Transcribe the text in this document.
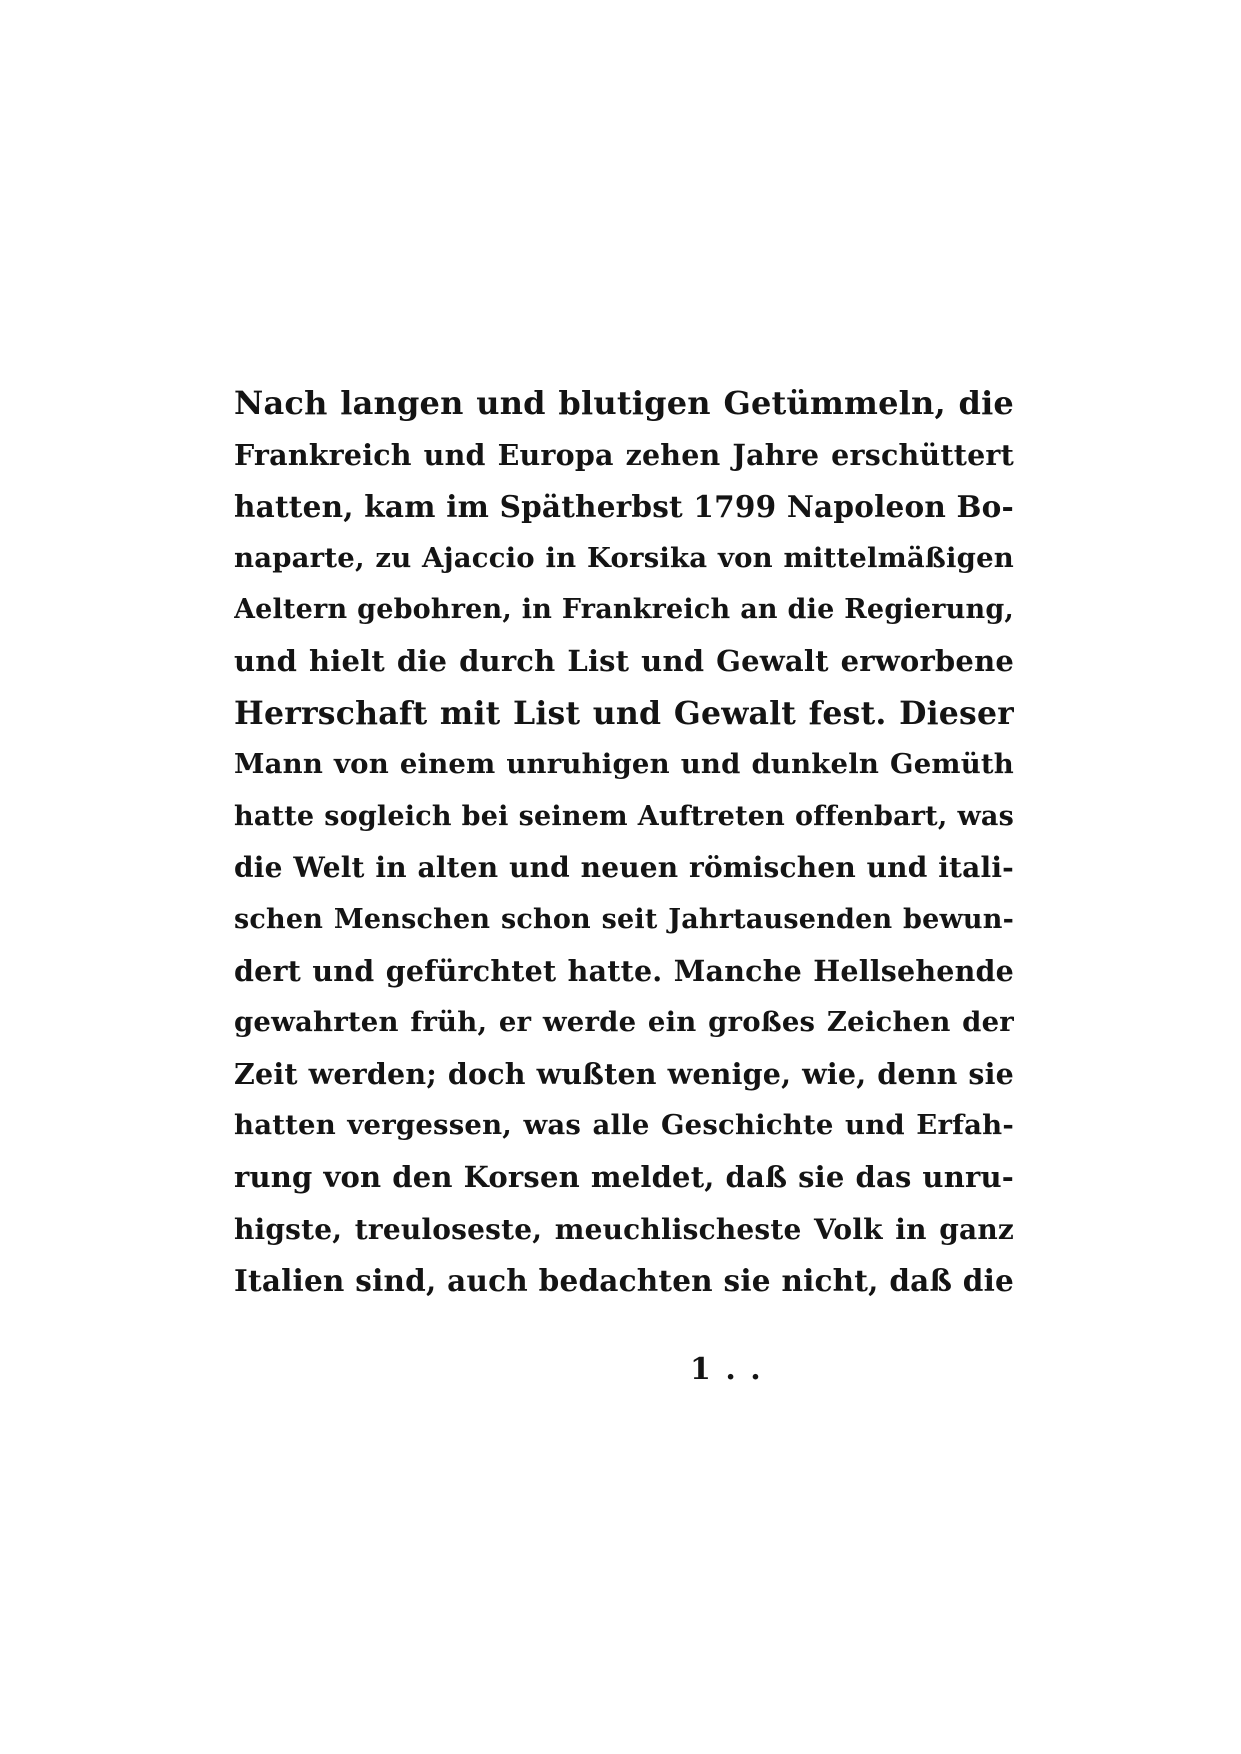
Nach langen und blutigen Getümmeln, die
Frankreich und Europa zehen Jahre erschüttert
hatten, kam im Spätherbst 1799 Napoleon Bo-
naparte, zu Ajaccio in Korsika von mittelmäßigen
Aeltern gebohren, in Frankreich an die Regierung,
und hielt die durch List und Gewalt erworbene
Herrschaft mit List und Gewalt fest. Dieser
Mann von einem unruhigen und dunkeln Gemüth
hatte sogleich bei seinem Auftreten offenbart, was
die Welt in alten und neuen römischen und itali-
schen Menschen schon seit Jahrtausenden bewun-
dert und gefürchtet hatte. Manche Hellsehende
gewahrten früh, er werde ein großes Zeichen der
Zeit werden; doch wußten wenige, wie, denn sie
hatten vergessen, was alle Geschichte und Erfah-
rung von den Korsen meldet, daß sie das unru-
higste, treuloseste, meuchlischeste Volk in ganz
Italien sind, auch bedachten sie nicht, daß die
1 . .
